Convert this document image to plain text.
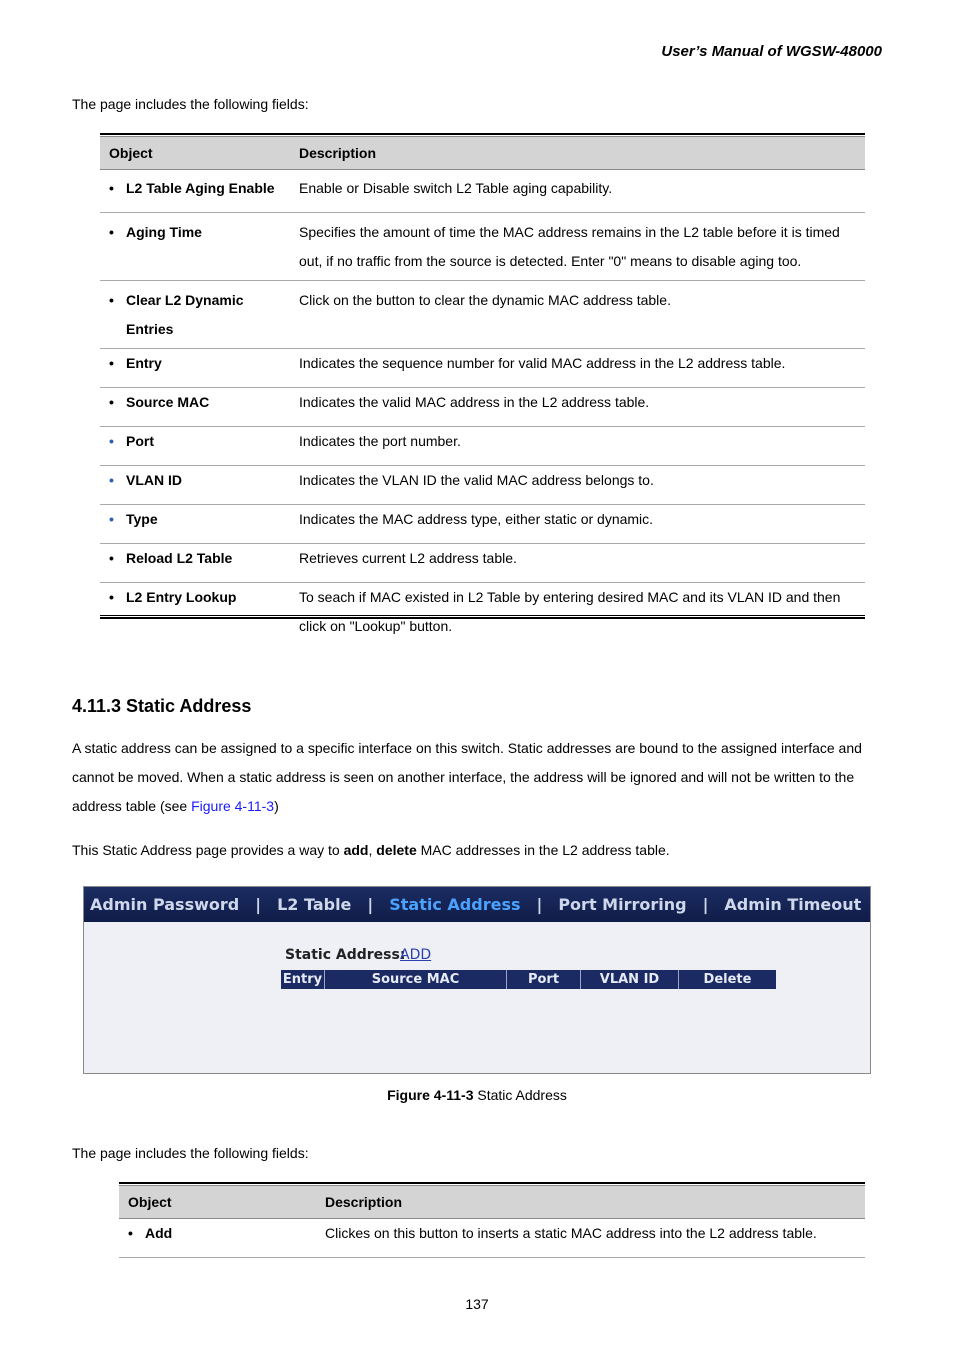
User’s Manual of WGSW-48000
The page includes the following fields:
Object	Description
• L2 Table Aging Enable	Enable or Disable switch L2 Table aging capability.
• Aging Time	Specifies the amount of time the MAC address remains in the L2 table before it is timed out, if no traffic from the source is detected. Enter "0" means to disable aging too.
• Clear L2 Dynamic Entries	Click on the button to clear the dynamic MAC address table.
• Entry	Indicates the sequence number for valid MAC address in the L2 address table.
• Source MAC	Indicates the valid MAC address in the L2 address table.
• Port	Indicates the port number.
• VLAN ID	Indicates the VLAN ID the valid MAC address belongs to.
• Type	Indicates the MAC address type, either static or dynamic.
• Reload L2 Table	Retrieves current L2 address table.
• L2 Entry Lookup	To seach if MAC existed in L2 Table by entering desired MAC and its VLAN ID and then click on "Lookup" button.
4.11.3 Static Address
A static address can be assigned to a specific interface on this switch. Static addresses are bound to the assigned interface and cannot be moved. When a static address is seen on another interface, the address will be ignored and will not be written to the address table (see Figure 4-11-3)
This Static Address page provides a way to add, delete MAC addresses in the L2 address table.
Admin Password	|	L2 Table	|	Static Address	|	Port Mirroring	|	Admin Timeout
Static Address:
ADD
Entry	Source MAC	Port	VLAN ID	Delete
Figure 4-11-3 Static Address
The page includes the following fields:
Object	Description
• Add	Clickes on this button to inserts a static MAC address into the L2 address table.
137
